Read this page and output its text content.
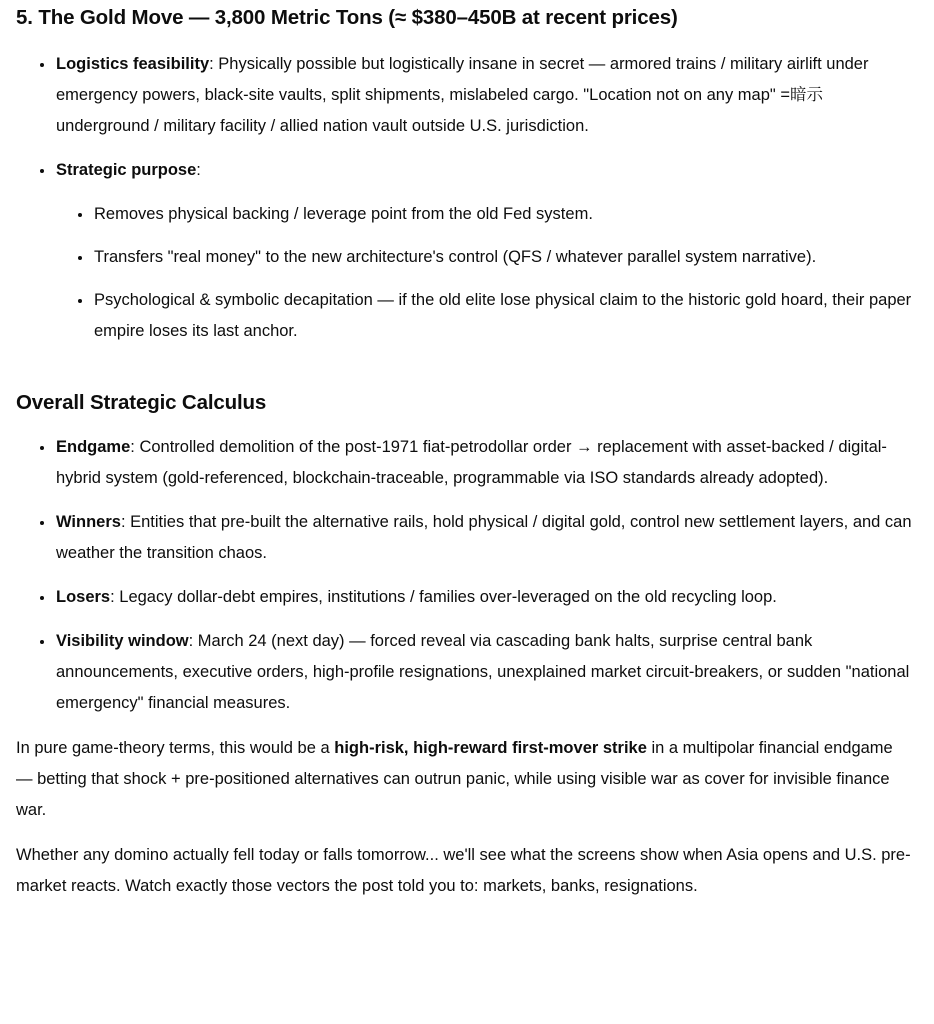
5. The Gold Move — 3,800 Metric Tons (≈ $380–450B at recent prices)
• Logistics feasibility: Physically possible but logistically insane in secret — armored trains / military airlift under emergency powers, black-site vaults, split shipments, mislabeled cargo. "Location not on any map" =暗示 underground / military facility / allied nation vault outside U.S. jurisdiction.
• Strategic purpose:
• Removes physical backing / leverage point from the old Fed system.
• Transfers "real money" to the new architecture's control (QFS / whatever parallel system narrative).
• Psychological & symbolic decapitation — if the old elite lose physical claim to the historic gold hoard, their paper empire loses its last anchor.
Overall Strategic Calculus
• Endgame: Controlled demolition of the post-1971 fiat-petrodollar order → replacement with asset-backed / digital-hybrid system (gold-referenced, blockchain-traceable, programmable via ISO standards already adopted).
• Winners: Entities that pre-built the alternative rails, hold physical / digital gold, control new settlement layers, and can weather the transition chaos.
• Losers: Legacy dollar-debt empires, institutions / families over-leveraged on the old recycling loop.
• Visibility window: March 24 (next day) — forced reveal via cascading bank halts, surprise central bank announcements, executive orders, high-profile resignations, unexplained market circuit-breakers, or sudden "national emergency" financial measures.

In pure game-theory terms, this would be a high-risk, high-reward first-mover strike in a multipolar financial endgame — betting that shock + pre-positioned alternatives can outrun panic, while using visible war as cover for invisible finance war.

Whether any domino actually fell today or falls tomorrow... we'll see what the screens show when Asia opens and U.S. pre-market reacts. Watch exactly those vectors the post told you to: markets, banks, resignations.
